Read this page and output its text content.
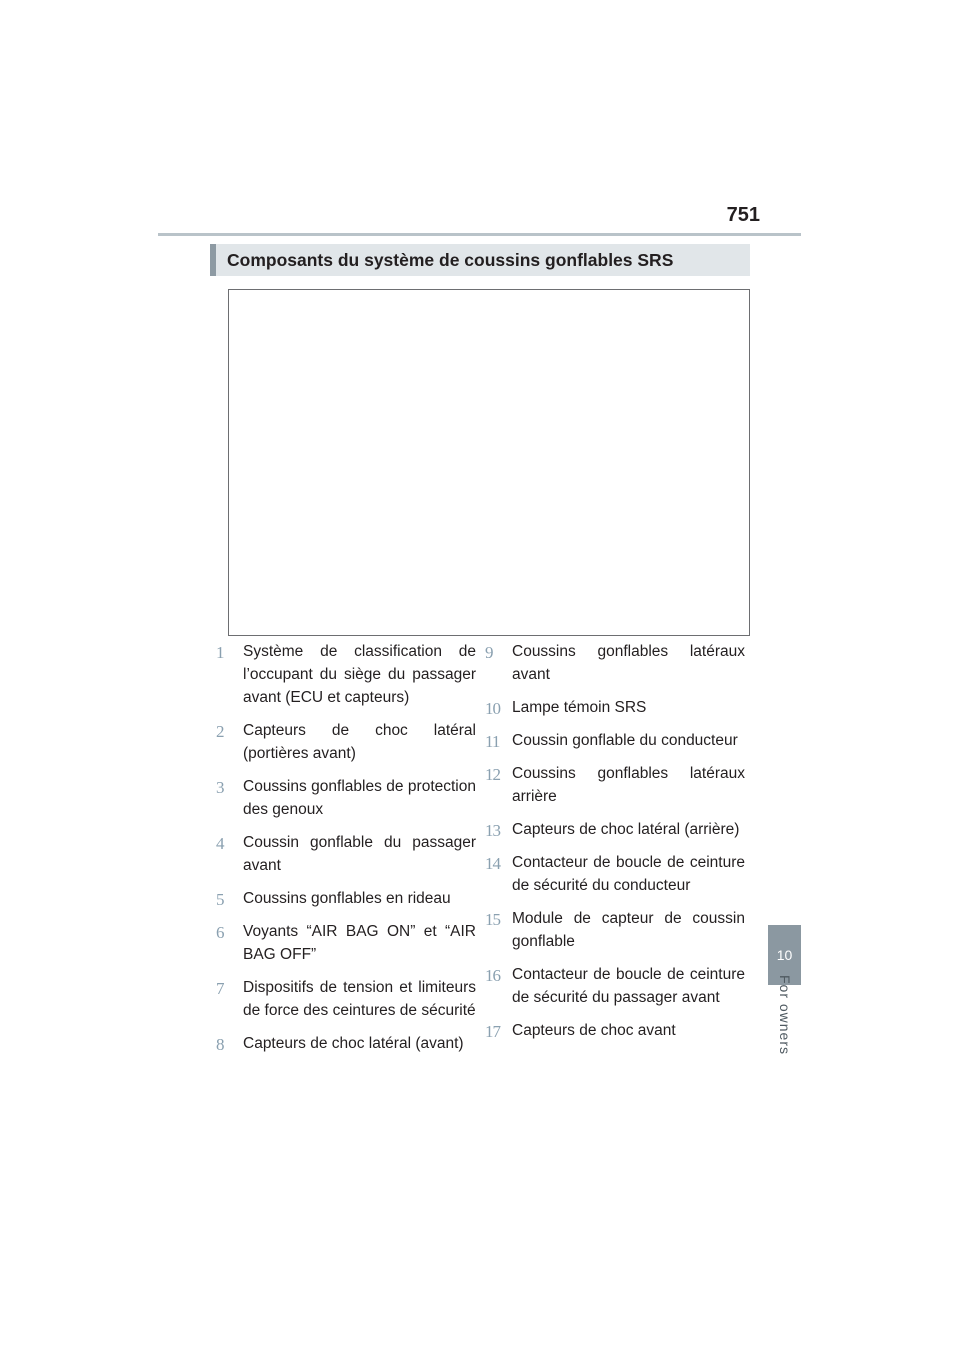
751
Composants du système de coussins gonflables SRS
1	Système de classification de l’occupant du siège du passager avant (ECU et capteurs)
2	Capteurs de choc latéral (portières avant)
3	Coussins gonflables de protection des genoux
4	Coussin gonflable du passager avant
5	Coussins gonflables en rideau
6	Voyants “AIR BAG ON” et “AIR BAG OFF”
7	Dispositifs de tension et limiteurs de force des ceintures de sécurité
8	Capteurs de choc latéral (avant)
9	Coussins gonflables latéraux avant
10 Lampe témoin SRS
11 Coussin gonflable du conducteur
12 Coussins gonflables latéraux arrière
13 Capteurs de choc latéral (arrière)
14 Contacteur de boucle de ceinture de sécurité du conducteur
15 Module de capteur de coussin gonflable
16 Contacteur de boucle de ceinture de sécurité du passager avant
17 Capteurs de choc avant
10
For owners
